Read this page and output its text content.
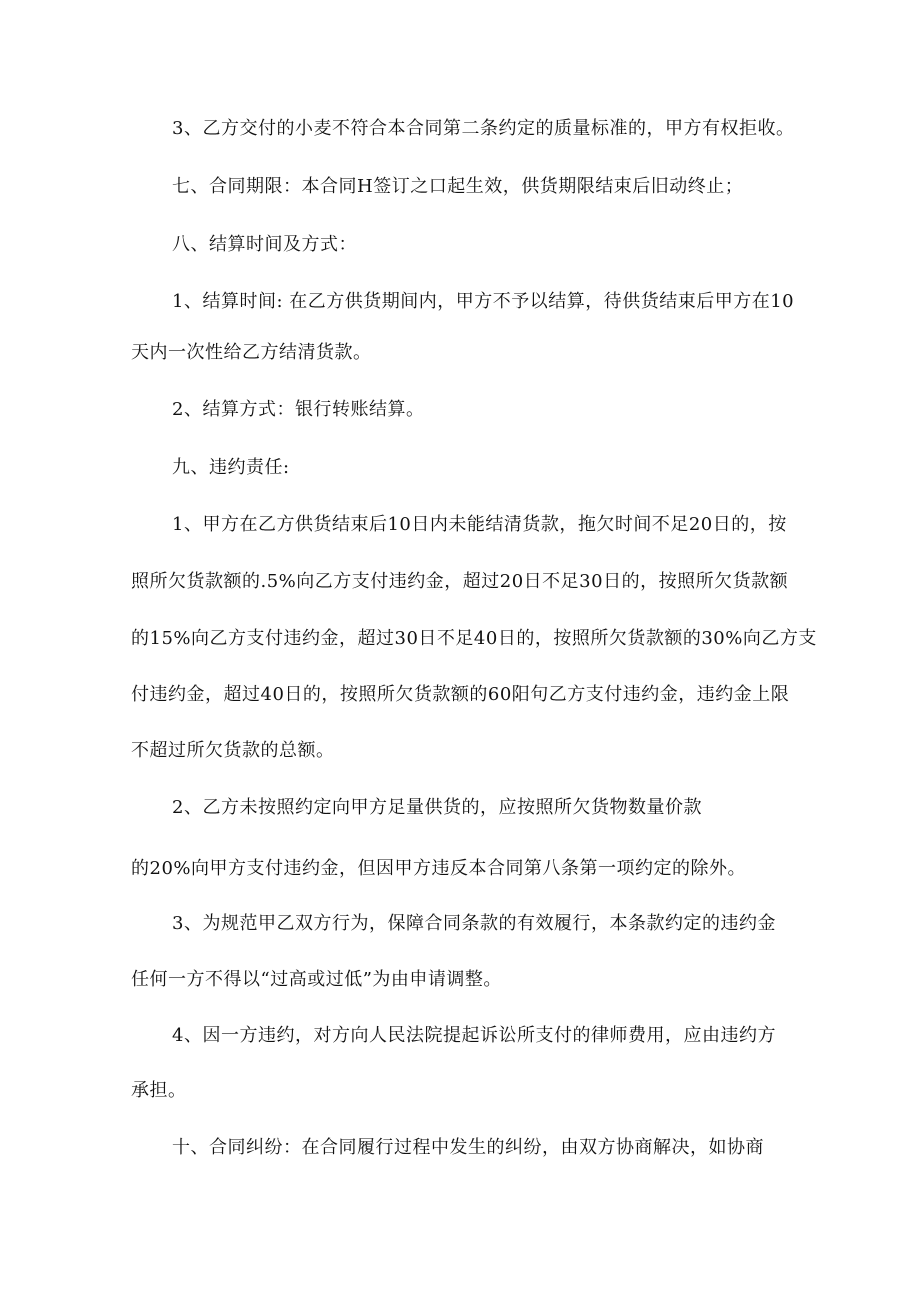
3、乙方交付的小麦不符合本合同第二条约定的质量标准的，甲方有权拒收。
七、合同期限：本合同H签订之口起生效，供货期限结束后旧动终止；
八、结算时间及方式：
1、结算时间: 在乙方供货期间内，甲方不予以结算，待供货结束后甲方在10
天内一次性给乙方结清货款。
2、结算方式：银行转账结算。
九、违约责任:
1、甲方在乙方供货结束后10日内未能结清货款，拖欠时间不足20日的，按
照所欠货款额的.5%向乙方支付违约金，超过20日不足30日的，按照所欠货款额
的15%向乙方支付违约金，超过30日不足40日的，按照所欠货款额的30%向乙方支
付违约金，超过40日的，按照所欠货款额的60阳句乙方支付违约金，违约金上限
不超过所欠货款的总额。
2、乙方未按照约定向甲方足量供货的，应按照所欠货物数量价款
的20%向甲方支付违约金，但因甲方违反本合同第八条第一项约定的除外。
3、为规范甲乙双方行为，保障合同条款的有效履行，本条款约定的违约金
任何一方不得以“过高或过低”为由申请调整。
4、因一方违约，对方向人民法院提起诉讼所支付的律师费用，应由违约方
承担。
十、合同纠纷：在合同履行过程中发生的纠纷，由双方协商解决，如协商
